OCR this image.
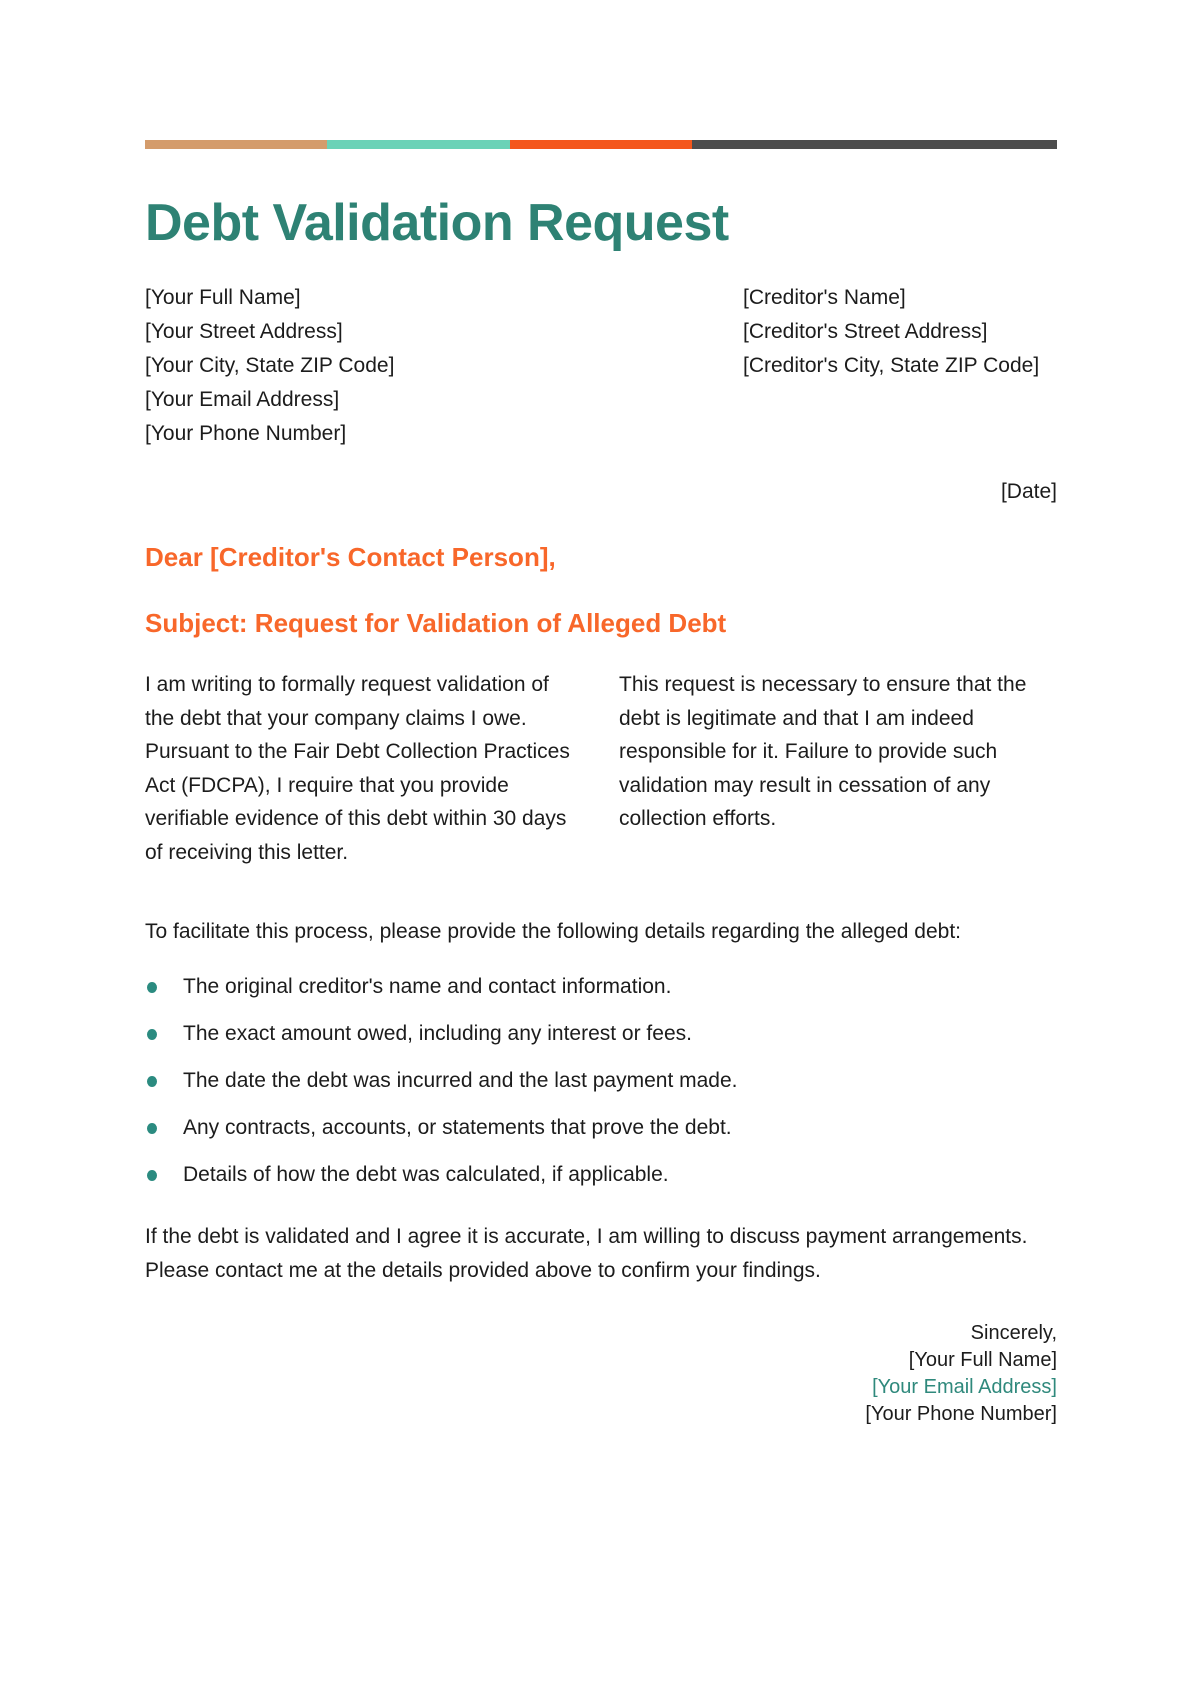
Debt Validation Request
[Your Full Name]
[Your Street Address]
[Your City, State ZIP Code]
[Your Email Address]
[Your Phone Number]
[Creditor's Name]
[Creditor's Street Address]
[Creditor's City, State ZIP Code]
[Date]
Dear [Creditor's Contact Person],
Subject: Request for Validation of Alleged Debt

I am writing to formally request validation of the debt that your company claims I owe. Pursuant to the Fair Debt Collection Practices Act (FDCPA), I require that you provide verifiable evidence of this debt within 30 days of receiving this letter.

This request is necessary to ensure that the debt is legitimate and that I am indeed responsible for it. Failure to provide such validation may result in cessation of any collection efforts.

To facilitate this process, please provide the following details regarding the alleged debt:

The original creditor's name and contact information.
The exact amount owed, including any interest or fees.
The date the debt was incurred and the last payment made.
Any contracts, accounts, or statements that prove the debt.
Details of how the debt was calculated, if applicable.

If the debt is validated and I agree it is accurate, I am willing to discuss payment arrangements. Please contact me at the details provided above to confirm your findings.

Sincerely,
[Your Full Name]
[Your Email Address]
[Your Phone Number]
